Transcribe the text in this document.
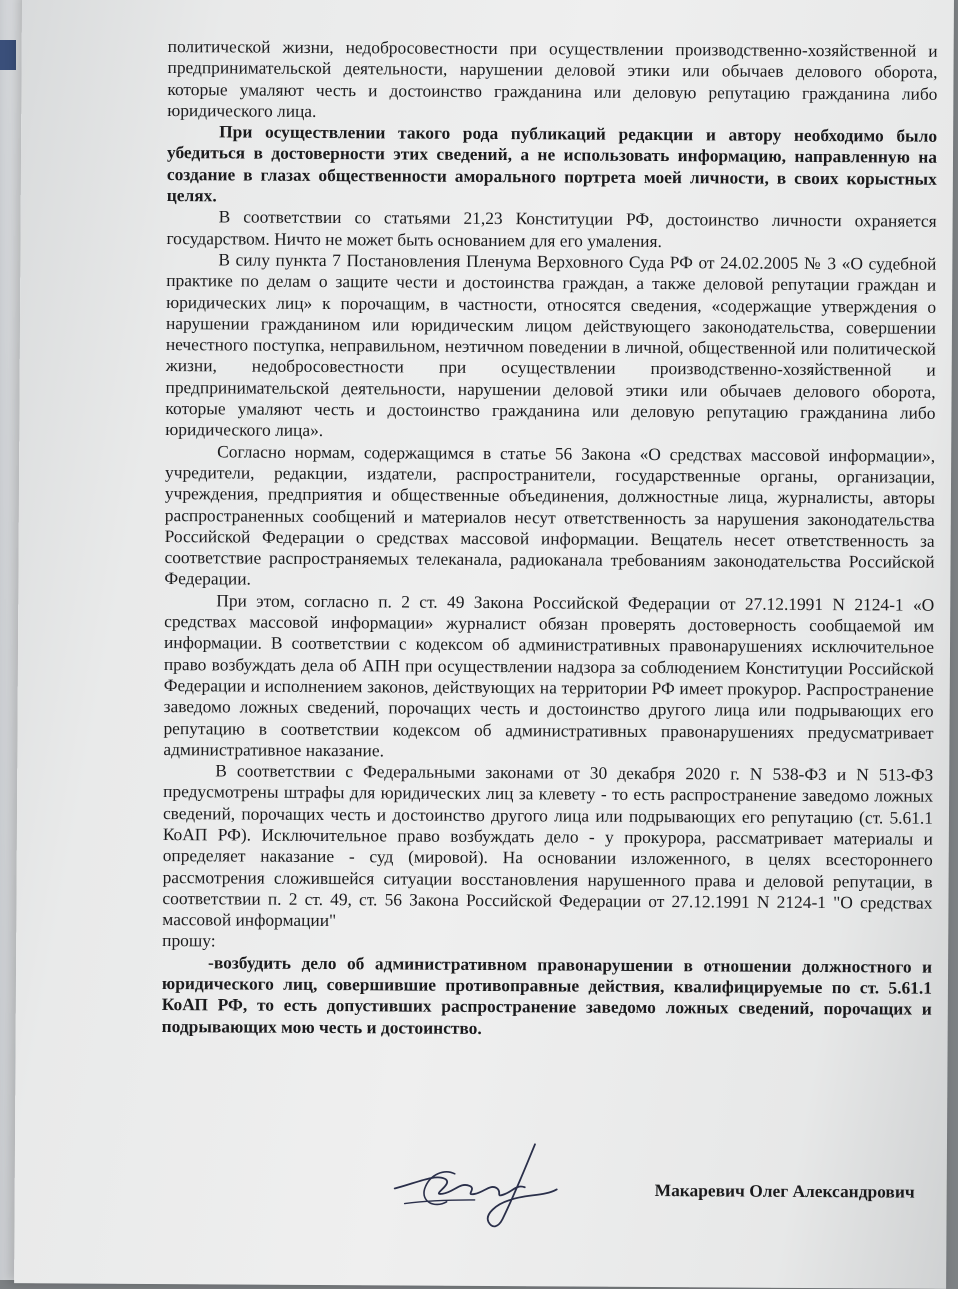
политической жизни, недобросовестности при осуществлении производственно-хозяйственной и предпринимательской деятельности, нарушении деловой этики или обычаев делового оборота, которые умаляют честь и достоинство гражданина или деловую репутацию гражданина либо юридического лица.

При осуществлении такого рода публикаций редакции и автору необходимо было убедиться в достоверности этих сведений, а не использовать информацию, направленную на создание в глазах общественности аморального портрета моей личности, в своих корыстных целях.

В соответствии со статьями 21,23 Конституции РФ, достоинство личности охраняется государством. Ничто не может быть основанием для его умаления.

В силу пункта 7 Постановления Пленума Верховного Суда РФ от 24.02.2005 № 3 «О судебной практике по делам о защите чести и достоинства граждан, а также деловой репутации граждан и юридических лиц» к порочащим, в частности, относятся сведения, «содержащие утверждения о нарушении гражданином или юридическим лицом действующего законодательства, совершении нечестного поступка, неправильном, неэтичном поведении в личной, общественной или политической жизни, недобросовестности при осуществлении производственно-хозяйственной и предпринимательской деятельности, нарушении деловой этики или обычаев делового оборота, которые умаляют честь и достоинство гражданина или деловую репутацию гражданина либо юридического лица».

Согласно нормам, содержащимся в статье 56 Закона «О средствах массовой информации», учредители, редакции, издатели, распространители, государственные органы, организации, учреждения, предприятия и общественные объединения, должностные лица, журналисты, авторы распространенных сообщений и материалов несут ответственность за нарушения законодательства Российской Федерации о средствах массовой информации. Вещатель несет ответственность за соответствие распространяемых телеканала, радиоканала требованиям законодательства Российской Федерации.

При этом, согласно п. 2 ст. 49 Закона Российской Федерации от 27.12.1991 N 2124-1 «О средствах массовой информации» журналист обязан проверять достоверность сообщаемой им информации. В соответствии с кодексом об административных правонарушениях исключительное право возбуждать дела об АПН при осуществлении надзора за соблюдением Конституции Российской Федерации и исполнением законов, действующих на территории РФ имеет прокурор. Распространение заведомо ложных сведений, порочащих честь и достоинство другого лица или подрывающих его репутацию в соответствии кодексом об административных правонарушениях предусматривает административное наказание.

В соответствии с Федеральными законами от 30 декабря 2020 г. N 538-ФЗ и N 513-ФЗ предусмотрены штрафы для юридических лиц за клевету - то есть распространение заведомо ложных сведений, порочащих честь и достоинство другого лица или подрывающих его репутацию (ст. 5.61.1 КоАП РФ). Исключительное право возбуждать дело - у прокурора, рассматривает материалы и определяет наказание - суд (мировой). На основании изложенного, в целях всестороннего рассмотрения сложившейся ситуации восстановления нарушенного права и деловой репутации, в соответствии п. 2 ст. 49, ст. 56 Закона Российской Федерации от 27.12.1991 N 2124-1 "О средствах массовой информации"

прошу:

-возбудить дело об административном правонарушении в отношении должностного и юридического лиц, совершившие противоправные действия, квалифицируемые по ст. 5.61.1 КоАП РФ, то есть допустивших распространение заведомо ложных сведений, порочащих и подрывающих мою честь и достоинство.

Макаревич Олег Александрович
